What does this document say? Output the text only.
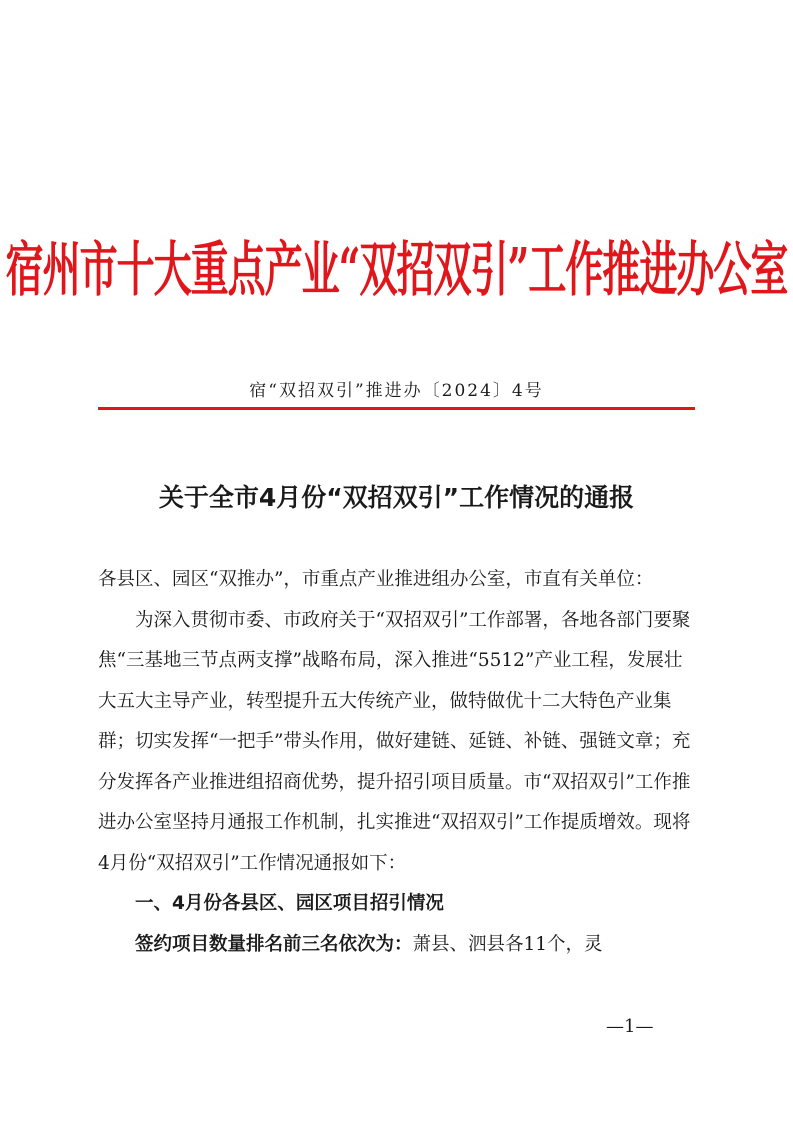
宿州市十大重点产业“双招双引”工作推进办公室
宿“双招双引”推进办〔2024〕4号
关于全市4月份“双招双引”工作情况的通报

各县区、园区“双推办”，市重点产业推进组办公室，市直有关单位：

为深入贯彻市委、市政府关于“双招双引”工作部署，各地各部门要聚焦“三基地三节点两支撑”战略布局，深入推进“5512”产业工程，发展壮大五大主导产业，转型提升五大传统产业，做特做优十二大特色产业集群；切实发挥“一把手”带头作用，做好建链、延链、补链、强链文章；充分发挥各产业推进组招商优势，提升招引项目质量。市“双招双引”工作推进办公室坚持月通报工作机制，扎实推进“双招双引”工作提质增效。现将4月份“双招双引”工作情况通报如下：

一、4月份各县区、园区项目招引情况

签约项目数量排名前三名依次为：萧县、泗县各11个，灵

—1—
